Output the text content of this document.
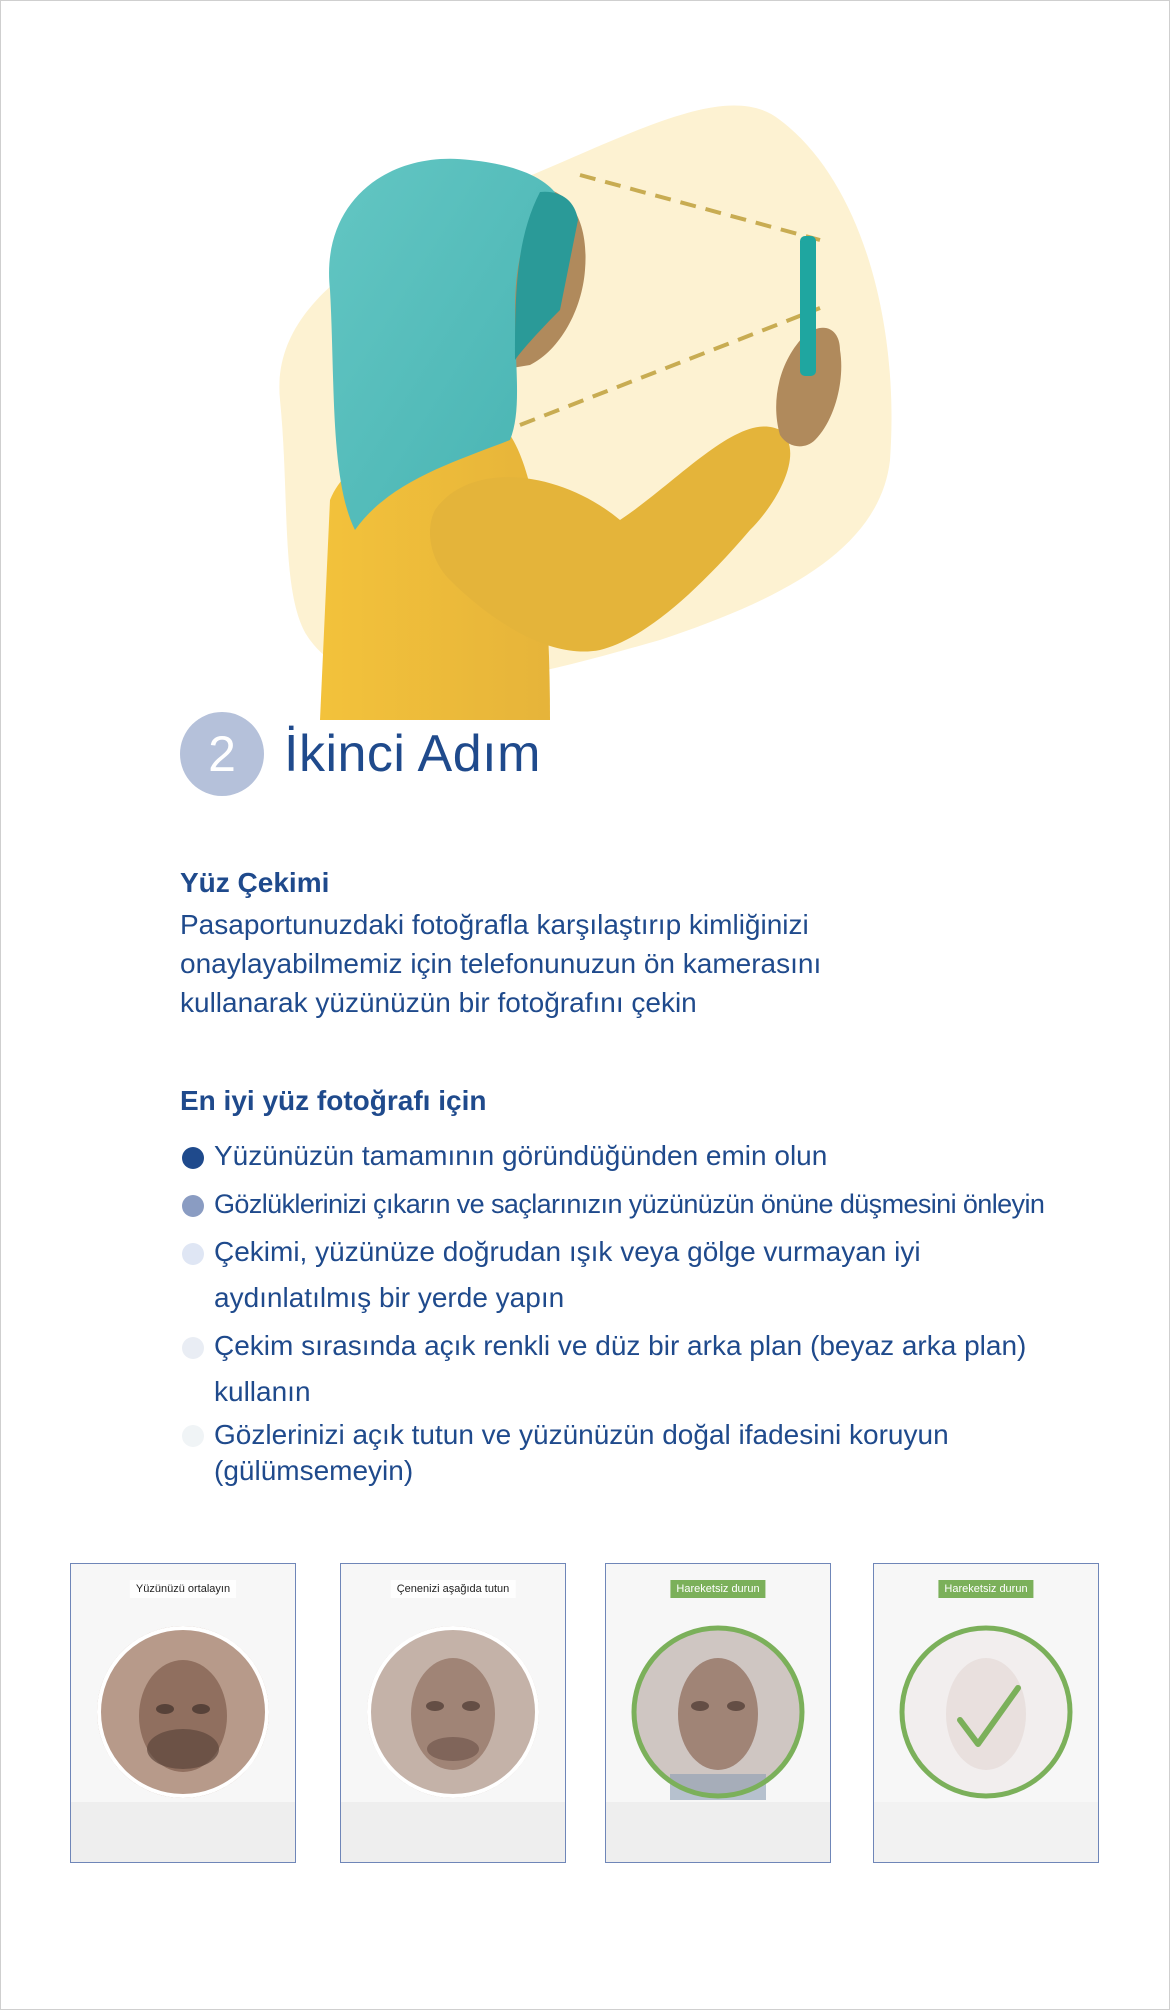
2 İkinci Adım
Yüz Çekimi
Pasaportunuzdaki fotoğrafla karşılaştırıp kimliğinizi
onaylayabilmemiz için telefonunuzun ön kamerasını
kullanarak yüzünüzün bir fotoğrafını çekin
En iyi yüz fotoğrafı için
Yüzünüzün tamamının göründüğünden emin olun
Gözlüklerinizi çıkarın ve saçlarınızın yüzünüzün önüne düşmesini önleyin
Çekimi, yüzünüze doğrudan ışık veya gölge vurmayan iyi
aydınlatılmış bir yerde yapın
Çekim sırasında açık renkli ve düz bir arka plan (beyaz arka plan)
kullanın
Gözlerinizi açık tutun ve yüzünüzün doğal ifadesini koruyun
(gülümsemeyin)
Yüzünüzü ortalayın	Çenenizi aşağıda tutun	Hareketsiz durun	Hareketsiz durun
